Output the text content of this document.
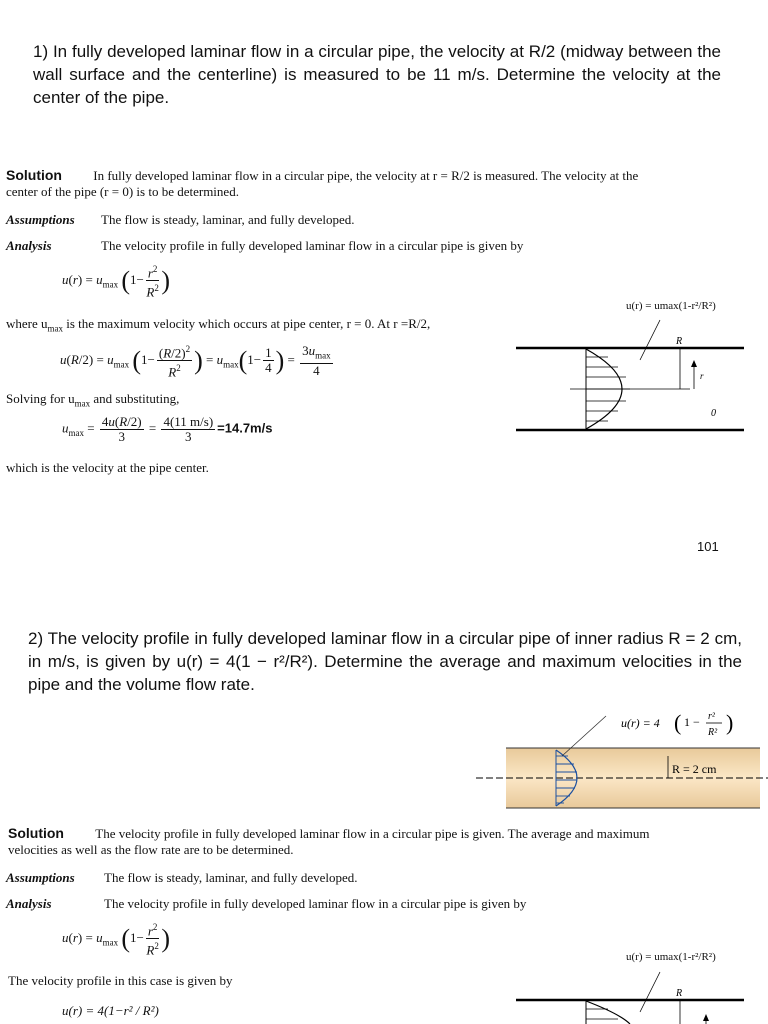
1) In fully developed laminar flow in a circular pipe, the velocity at R/2 (midway between the wall surface and the centerline) is measured to be 11 m/s. Determine the velocity at the center of the pipe.
Solution In fully developed laminar flow in a circular pipe, the velocity at r = R/2 is measured. The velocity at the
center of the pipe (r = 0) is to be determined.
Assumptions The flow is steady, laminar, and fully developed.
Analysis	The velocity profile in fully developed laminar flow in a circular pipe is given by
$u(r) = u_{max}$ ($1- \frac{r^2}{R^2}$ )
where $u_{max}$ is the maximum velocity which occurs at pipe center, r = 0. At r =R/2,
$u(R/2) = u_{max}$ ($1- \frac{(R/2)^2}{R^2}$ ) = $u_{max}(1- \frac{1}{4}$ ) = $\frac{3u_{max}}{4}$
Solving for $u_{max}$ and substituting,
$u_{max} = \frac{4u(R/2)}{3} = \frac{4(11 m/s)}{3} =14.7m/s$
which is the velocity at the pipe center.
u(r) = umax(1-r²/R²)
R
r
0
101
2) The velocity profile in fully developed laminar flow in a circular pipe of inner radius R = 2 cm, in m/s, is given by u(r) = 4(1 − r²/R²). Determine the average and maximum velocities in the pipe and the volume flow rate.
u(r) = 4 ( 1 − r²
R² )
R = 2 cm
Solution The velocity profile in fully developed laminar flow in a circular pipe is given. The average and maximum
velocities as well as the flow rate are to be determined.
Assumptions The flow is steady, laminar, and fully developed.
Analysis	The velocity profile in fully developed laminar flow in a circular pipe is given by
$u(r) = u_{max}$ ($1- \frac{r^2}{R^2}$ )
u(r) = umax(1-r²/R²)
The velocity profile in this case is given by
u(r) = 4(1−r² / R²)
R
